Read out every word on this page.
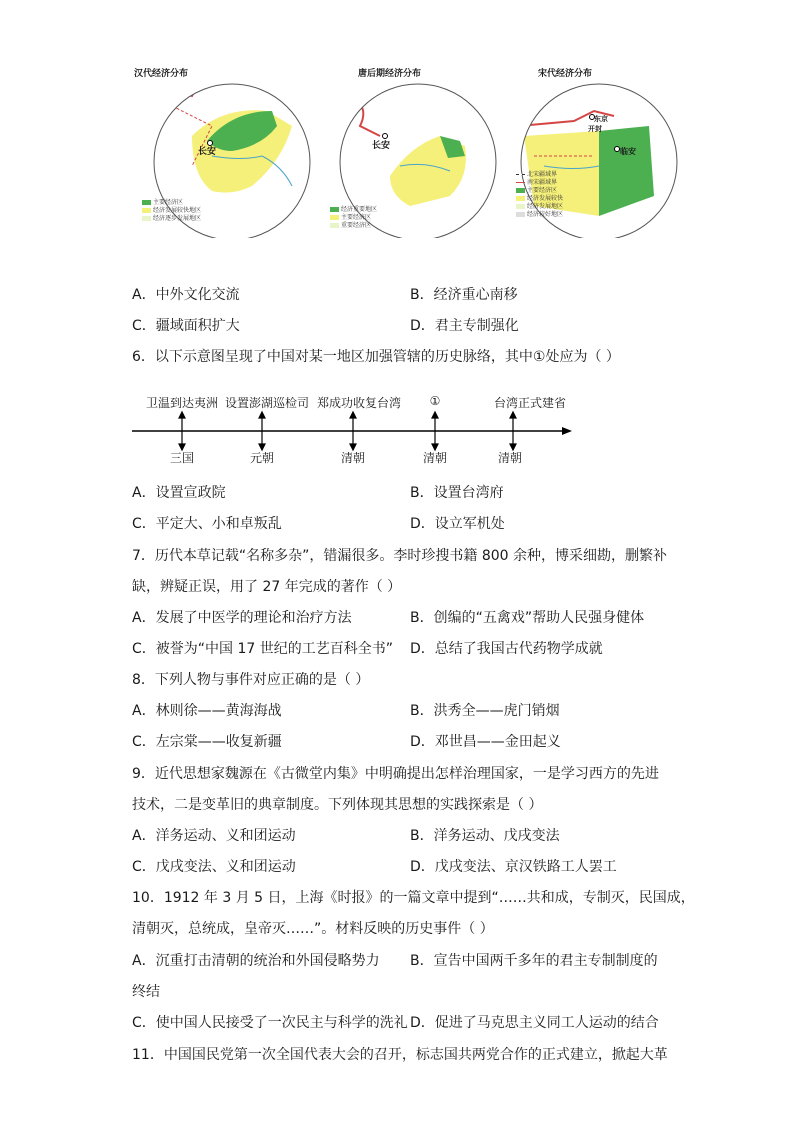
汉代经济分布
长安
主要经济区
经济发展较快地区
经济逐步发展地区
唐后期经济分布
长安
经济重要地区
主要经济区
重要经济区
宋代经济分布
东京
开封
临安
北宋疆域界
南宋疆域界
主要经济区
经济发展较快
经济发展地区
经济较好地区
A．中外文化交流	B．经济重心南移
C．疆域面积扩大	D．君主专制强化
6．以下示意图呈现了中国对某一地区加强管辖的历史脉络，其中①处应为（ ）
卫温到达夷洲 设置澎湖巡检司 郑成功收复台湾 ①	台湾正式建省
三国	元朝	清朝	清朝	清朝
A．设置宣政院	B．设置台湾府
C．平定大、小和卓叛乱	D．设立军机处
7．历代本草记载“名称多杂”，错漏很多。李时珍搜书籍 800 余种，博采细勘，删繁补
缺，辨疑正误，用了 27 年完成的著作（ ）
A．发展了中医学的理论和治疗方法	B．创编的“五禽戏”帮助人民强身健体
C．被誉为“中国 17 世纪的工艺百科全书” D．总结了我国古代药物学成就
8．下列人物与事件对应正确的是（ ）
A．林则徐——黄海海战	B．洪秀全——虎门销烟
C．左宗棠——收复新疆	D．邓世昌——金田起义
9．近代思想家魏源在《古微堂内集》中明确提出怎样治理国家，一是学习西方的先进
技术，二是变革旧的典章制度。下列体现其思想的实践探索是（ ）
A．洋务运动、义和团运动	B．洋务运动、戊戌变法
C．戊戌变法、义和团运动	D．戊戌变法、京汉铁路工人罢工
10．1912 年 3 月 5 日，上海《时报》的一篇文章中提到“……共和成，专制灭，民国成，
清朝灭，总统成，皇帝灭……”。材料反映的历史事件（ ）
A．沉重打击清朝的统治和外国侵略势力 B．宣告中国两千多年的君主专制制度的
终结
C．使中国人民接受了一次民主与科学的洗礼 D．促进了马克思主义同工人运动的结合
11．中国国民党第一次全国代表大会的召开，标志国共两党合作的正式建立，掀起大革
